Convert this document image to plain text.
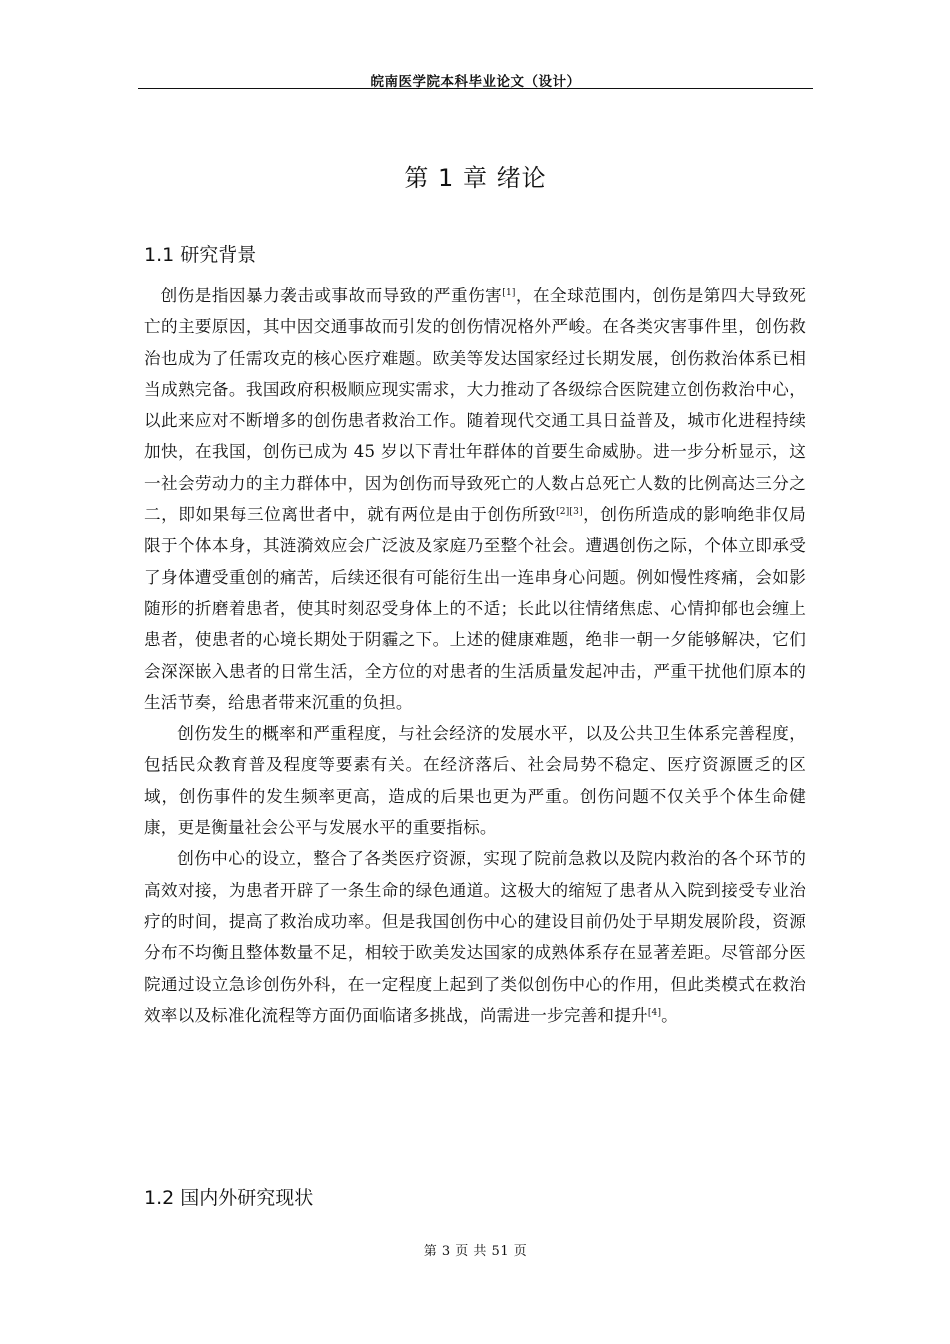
皖南医学院本科毕业论文（设计）
第 1 章 绪论
1.1 研究背景

创伤是指因暴力袭击或事故而导致的严重伤害[1]，在全球范围内，创伤是第四大导致死亡的主要原因，其中因交通事故而引发的创伤情况格外严峻。在各类灾害事件里，创伤救治也成为了任需攻克的核心医疗难题。欧美等发达国家经过长期发展，创伤救治体系已相当成熟完备。我国政府积极顺应现实需求，大力推动了各级综合医院建立创伤救治中心，以此来应对不断增多的创伤患者救治工作。随着现代交通工具日益普及，城市化进程持续加快，在我国，创伤已成为 45 岁以下青壮年群体的首要生命威胁。进一步分析显示，这一社会劳动力的主力群体中，因为创伤而导致死亡的人数占总死亡人数的比例高达三分之二，即如果每三位离世者中，就有两位是由于创伤所致[2][3]，创伤所造成的影响绝非仅局限于个体本身，其涟漪效应会广泛波及家庭乃至整个社会。遭遇创伤之际，个体立即承受了身体遭受重创的痛苦，后续还很有可能衍生出一连串身心问题。例如慢性疼痛，会如影随形的折磨着患者，使其时刻忍受身体上的不适；长此以往情绪焦虑、心情抑郁也会缠上患者，使患者的心境长期处于阴霾之下。上述的健康难题，绝非一朝一夕能够解决，它们会深深嵌入患者的日常生活，全方位的对患者的生活质量发起冲击，严重干扰他们原本的生活节奏，给患者带来沉重的负担。

创伤发生的概率和严重程度，与社会经济的发展水平，以及公共卫生体系完善程度，包括民众教育普及程度等要素有关。在经济落后、社会局势不稳定、医疗资源匮乏的区域，创伤事件的发生频率更高，造成的后果也更为严重。创伤问题不仅关乎个体生命健康，更是衡量社会公平与发展水平的重要指标。

创伤中心的设立，整合了各类医疗资源，实现了院前急救以及院内救治的各个环节的高效对接，为患者开辟了一条生命的绿色通道。这极大的缩短了患者从入院到接受专业治疗的时间，提高了救治成功率。但是我国创伤中心的建设目前仍处于早期发展阶段，资源分布不均衡且整体数量不足，相较于欧美发达国家的成熟体系存在显著差距。尽管部分医院通过设立急诊创伤外科，在一定程度上起到了类似创伤中心的作用，但此类模式在救治效率以及标准化流程等方面仍面临诸多挑战，尚需进一步完善和提升[4]。

1.2 国内外研究现状
第 3 页 共 51 页
